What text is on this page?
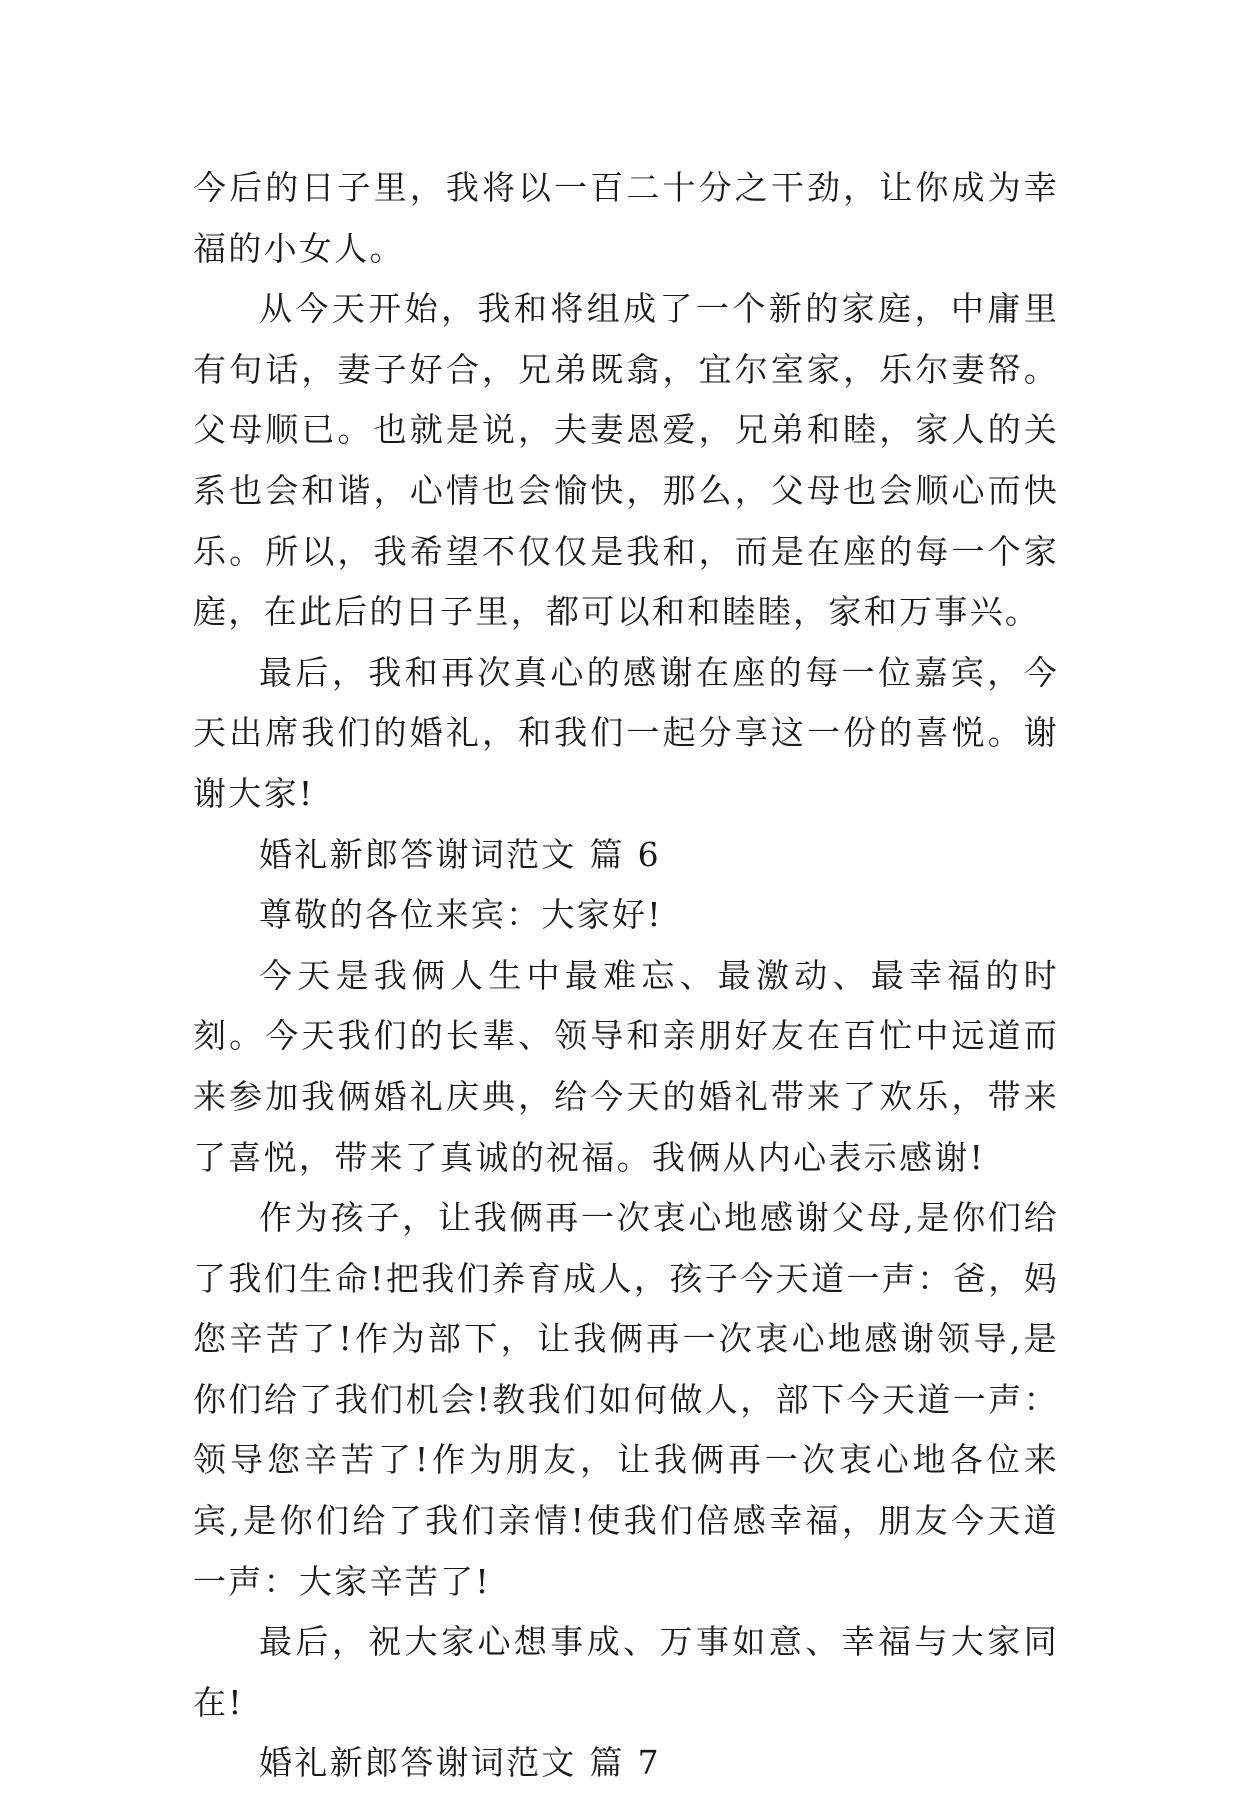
今后的日子里，我将以一百二十分之干劲，让你成为幸福的小女人。

从今天开始，我和将组成了一个新的家庭，中庸里有句话，妻子好合，兄弟既翕，宜尔室家，乐尔妻帑。父母顺已。也就是说，夫妻恩爱，兄弟和睦，家人的关系也会和谐，心情也会愉快，那么，父母也会顺心而快乐。所以，我希望不仅仅是我和，而是在座的每一个家庭，在此后的日子里，都可以和和睦睦，家和万事兴。

最后，我和再次真心的感谢在座的每一位嘉宾，今天出席我们的婚礼，和我们一起分享这一份的喜悦。谢谢大家!

婚礼新郎答谢词范文 篇 6

尊敬的各位来宾：大家好!

今天是我俩人生中最难忘、最激动、最幸福的时刻。今天我们的长辈、领导和亲朋好友在百忙中远道而来参加我俩婚礼庆典，给今天的婚礼带来了欢乐，带来了喜悦，带来了真诚的祝福。我俩从内心表示感谢!

作为孩子，让我俩再一次衷心地感谢父母,是你们给了我们生命!把我们养育成人，孩子今天道一声：爸，妈您辛苦了!作为部下，让我俩再一次衷心地感谢领导,是你们给了我们机会!教我们如何做人，部下今天道一声：领导您辛苦了!作为朋友，让我俩再一次衷心地各位来宾,是你们给了我们亲情!使我们倍感幸福，朋友今天道一声：大家辛苦了!

最后，祝大家心想事成、万事如意、幸福与大家同在!

婚礼新郎答谢词范文 篇 7
